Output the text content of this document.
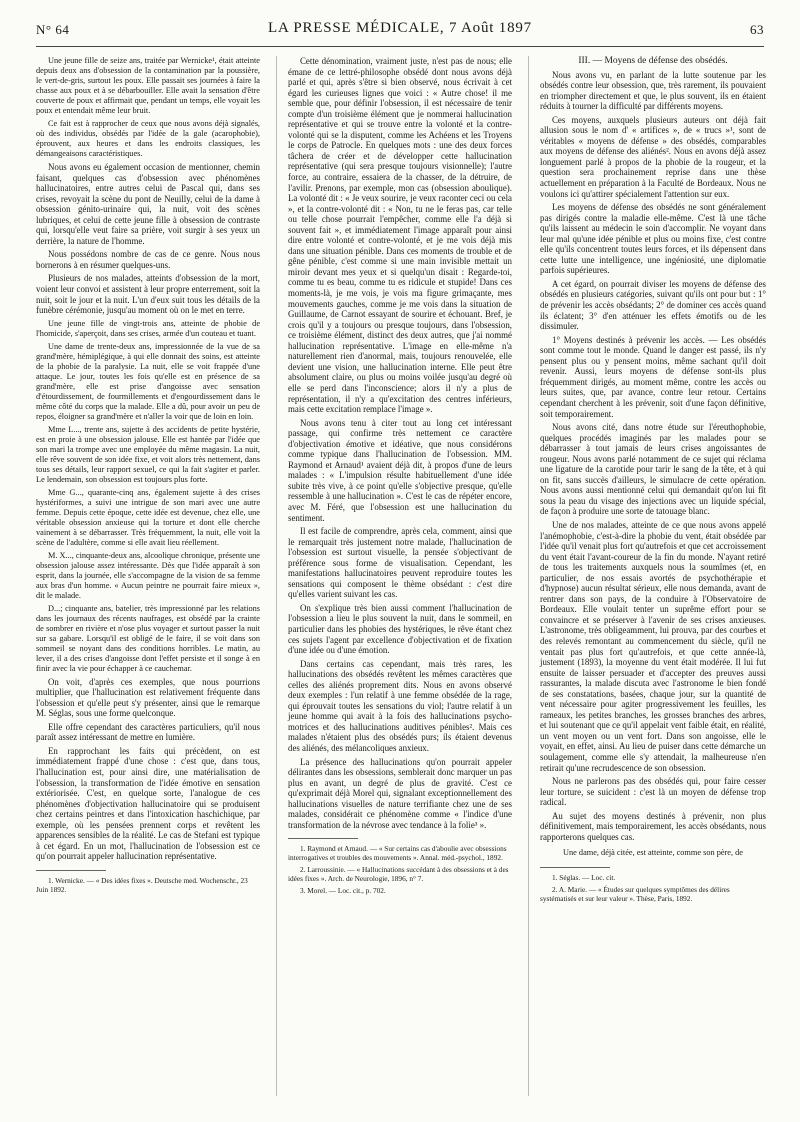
N° 64	LA PRESSE MÉDICALE, 7 Août 1897	63

Une jeune fille de seize ans, traitée par Wernicke¹, était atteinte depuis deux ans d'obsession de la contamination par la poussière, le vert-de-gris, surtout les poux. Elle passait ses journées à faire la chasse aux poux et à se débarbouiller. Elle avait la sensation d'être couverte de poux et affirmait que, pendant un temps, elle voyait les poux et entendait même leur bruit.

Ce fait est à rapprocher de ceux que nous avons déjà signalés, où des individus, obsédés par l'idée de la gale (acarophobie), éprouvent, aux heures et dans les endroits classiques, les démangeaisons caractéristiques.

Nous avons eu également occasion de mentionner, chemin faisant, quelques cas d'obsession avec phénomènes hallucinatoires, entre autres celui de Pascal qui, dans ses crises, revoyait la scène du pont de Neuilly, celui de la dame à obsession génito-urinaire qui, la nuit, voit des scènes lubriques, et celui de cette jeune fille à obsession de contraste qui, lorsqu'elle veut faire sa prière, voit surgir à ses yeux un derrière, la nature de l'homme.

Nous possédons nombre de cas de ce genre. Nous nous bornerons à en résumer quelques-uns.

Plusieurs de nos malades, atteints d'obsession de la mort, voient leur convoi et assistent à leur propre enterrement, soit la nuit, soit le jour et la nuit. L'un d'eux suit tous les détails de la funèbre cérémonie, jusqu'au moment où on le met en terre.

Une jeune fille de vingt-trois ans, atteinte de phobie de l'homicide, s'aperçoit, dans ses crises, armée d'un couteau et tuant.

Une dame de trente-deux ans, impressionnée de la vue de sa grand'mère, hémiplégique, à qui elle donnait des soins, est atteinte de la phobie de la paralysie. La nuit, elle se voit frappée d'une attaque. Le jour, toutes les fois qu'elle est en présence de sa grand'mère, elle est prise d'angoisse avec sensation d'étourdissement, de fourmillements et d'engourdissement dans le même côté du corps que la malade. Elle a dû, pour avoir un peu de repos, éloigner sa grand'mère et n'aller la voir que de loin en loin.

Mme L..., trente ans, sujette à des accidents de petite hystérie, est en proie à une obsession jalouse. Elle est hantée par l'idée que son mari la trompe avec une employée du même magasin. La nuit, elle rêve souvent de son idée fixe, et voit alors très nettement, dans tous ses détails, leur rapport sexuel, ce qui la fait s'agiter et parler. Le lendemain, son obsession est toujours plus forte.

Mme G..., quarante-cinq ans, également sujette à des crises hystériformes, a suivi une intrigue de son mari avec une autre femme. Depuis cette époque, cette idée est devenue, chez elle, une véritable obsession anxieuse qui la torture et dont elle cherche vainement à se débarrasser. Très fréquemment, la nuit, elle voit la scène de l'adultère, comme si elle avait lieu réellement.

M. X..., cinquante-deux ans, alcoolique chronique, présente une obsession jalouse assez intéressante. Dès que l'idée apparaît à son esprit, dans la journée, elle s'accompagne de la vision de sa femme aux bras d'un homme. « Aucun peintre ne pourrait faire mieux », dit le malade.

D...; cinquante ans, batelier, très impressionné par les relations dans les journaux des récents naufrages, est obsédé par la crainte de sombrer en rivière et n'ose plus voyager et surtout passer la nuit sur sa gabare. Lorsqu'il est obligé de le faire, il se voit dans son sommeil se noyant dans des conditions horribles. Le matin, au lever, il a des crises d'angoisse dont l'effet persiste et il songe à en finir avec la vie pour échapper à ce cauchemar.

On voit, d'après ces exemples, que nous pourrions multiplier, que l'hallucination est relativement fréquente dans l'obsession et qu'elle peut s'y présenter, ainsi que le remarque M. Séglas, sous une forme quelconque.

Elle offre cependant des caractères particuliers, qu'il nous paraît assez intéressant de mettre en lumière.

En rapprochant les faits qui précèdent, on est immédiatement frappé d'une chose : c'est que, dans tous, l'hallucination est, pour ainsi dire, une matérialisation de l'obsession, la transformation de l'idée émotive en sensation extériorisée. C'est, en quelque sorte, l'analogue de ces phénomènes d'objectivation hallucinatoire qui se produisent chez certains peintres et dans l'intoxication haschichique, par exemple, où les pensées prennent corps et revêtent les apparences sensibles de la réalité. Le cas de Stefani est typique à cet égard. En un mot, l'hallucination de l'obsession est ce qu'on pourrait appeler hallucination représentative.

1. Wernicke. — « Des idées fixes ». Deutsche med. Wochenschr., 23 Juin 1892.

Cette dénomination, vraiment juste, n'est pas de nous; elle émane de ce lettré-philosophe obsédé dont nous avons déjà parlé et qui, après s'être si bien observé, nous écrivait à cet égard les curieuses lignes que voici : « Autre chose! il me semble que, pour définir l'obsession, il est nécessaire de tenir compte d'un troisième élément que je nommerai hallucination représentative et qui se trouve entre la volonté et la contre-volonté qui se la disputent, comme les Achéens et les Troyens le corps de Patrocle. En quelques mots : une des deux forces tâchera de créer et de développer cette hallucination représentative (qui sera presque toujours visionnelle); l'autre force, au contraire, essaiera de la chasser, de la détruire, de l'avilir. Prenons, par exemple, mon cas (obsession aboulique). La volonté dit : « Je veux sourire, je veux raconter ceci ou cela », et la contre-volonté dit : « Non, tu ne le feras pas, car telle ou telle chose pourrait l'empêcher, comme elle l'a déjà si souvent fait », et immédiatement l'image apparaît pour ainsi dire entre volonté et contre-volonté, et je me vois déjà mis dans une situation pénible. Dans ces moments de trouble et de gêne pénible, c'est comme si une main invisible mettait un miroir devant mes yeux et si quelqu'un disait : Regarde-toi, comme tu es beau, comme tu es ridicule et stupide! Dans ces moments-là, je me vois, je vois ma figure grimaçante, mes mouvements gauches, comme je me vois dans la situation de Guillaume, de Carnot essayant de sourire et échouant. Bref, je crois qu'il y a toujours ou presque toujours, dans l'obsession, ce troisième élément, distinct des deux autres, que j'ai nommé hallucination représentative. L'image en elle-même n'a naturellement rien d'anormal, mais, toujours renouvelée, elle devient une vision, une hallucination interne. Elle peut être absolument claire, ou plus ou moins voilée jusqu'au degré où elle se perd dans l'inconscience; alors il n'y a plus de représentation, il n'y a qu'excitation des centres inférieurs, mais cette excitation remplace l'image ».

Nous avons tenu à citer tout au long cet intéressant passage, qui confirme très nettement ce caractère d'objectivation émotive et idéative, que nous considérons comme typique dans l'hallucination de l'obsession. MM. Raymond et Arnaud¹ avaient déjà dit, à propos d'une de leurs malades : « L'impulsion résulte habituellement d'une idée subite très vive, à ce point qu'elle s'objective presque, qu'elle ressemble à une hallucination ». C'est le cas de répéter encore, avec M. Féré, que l'obsession est une hallucination du sentiment.

Il est facile de comprendre, après cela, comment, ainsi que le remarquait très justement notre malade, l'hallucination de l'obsession est surtout visuelle, la pensée s'objectivant de préférence sous forme de visualisation. Cependant, les manifestations hallucinatoires peuvent reproduire toutes les sensations qui composent le thème obsédant : c'est dire qu'elles varient suivant les cas.

On s'explique très bien aussi comment l'hallucination de l'obsession a lieu le plus souvent la nuit, dans le sommeil, en particulier dans les phobies des hystériques, le rêve étant chez ces sujets l'agent par excellence d'objectivation et de fixation d'une idée ou d'une émotion.

Dans certains cas cependant, mais très rares, les hallucinations des obsédés revêtent les mêmes caractères que celles des aliénés proprement dits. Nous en avons observé deux exemples : l'un relatif à une femme obsédée de la rage, qui éprouvait toutes les sensations du viol; l'autre relatif à un jeune homme qui avait à la fois des hallucinations psycho-motrices et des hallucinations auditives pénibles². Mais ces malades n'étaient plus des obsédés purs; ils étaient devenus des aliénés, des mélancoliques anxieux.

La présence des hallucinations qu'on pourrait appeler délirantes dans les obsessions, semblerait donc marquer un pas plus en avant, un degré de plus de gravité. C'est ce qu'exprimait déjà Morel qui, signalant exceptionnellement des hallucinations visuelles de nature terrifiante chez une de ses malades, considérait ce phénomène comme « l'indice d'une transformation de la névrose avec tendance à la folie³ ».

1. Raymond et Arnaud. — « Sur certains cas d'aboulie avec obsessions interrogatives et troubles des mouvements ». Annal. méd.-psychol., 1892.

2. Larroussinie. — « Hallucinations succédant à des obsessions et à des idées fixes ». Arch. de Neurologie, 1896, n° 7.

3. Morel. — Loc. cit., p. 702.

III. — Moyens de défense des obsédés.

Nous avons vu, en parlant de la lutte soutenue par les obsédés contre leur obsession, que, très rarement, ils pouvaient en triompher directement et que, le plus souvent, ils en étaient réduits à tourner la difficulté par différents moyens.

Ces moyens, auxquels plusieurs auteurs ont déjà fait allusion sous le nom d' « artifices », de « trucs »¹, sont de véritables « moyens de défense » des obsédés, comparables aux moyens de défense des aliénés². Nous en avons déjà assez longuement parlé à propos de la phobie de la rougeur, et la question sera prochainement reprise dans une thèse actuellement en préparation à la Faculté de Bordeaux. Nous ne voulons ici qu'attirer spécialement l'attention sur eux.

Les moyens de défense des obsédés ne sont généralement pas dirigés contre la maladie elle-même. C'est là une tâche qu'ils laissent au médecin le soin d'accomplir. Ne voyant dans leur mal qu'une idée pénible et plus ou moins fixe, c'est contre elle qu'ils concentrent toutes leurs forces, et ils dépensent dans cette lutte une intelligence, une ingéniosité, une diplomatie parfois supérieures.

A cet égard, on pourrait diviser les moyens de défense des obsédés en plusieurs catégories, suivant qu'ils ont pour but : 1° de prévenir les accès obsédants; 2° de dominer ces accès quand ils éclatent; 3° d'en atténuer les effets émotifs ou de les dissimuler.

1° Moyens destinés à prévenir les accès. — Les obsédés sont comme tout le monde. Quand le danger est passé, ils n'y pensent plus ou y pensent moins, même sachant qu'il doit revenir. Aussi, leurs moyens de défense sont-ils plus fréquemment dirigés, au moment même, contre les accès ou leurs suites, que, par avance, contre leur retour. Certains cependant cherchent à les prévenir, soit d'une façon définitive, soit temporairement.

Nous avons cité, dans notre étude sur l'éreuthophobie, quelques procédés imaginés par les malades pour se débarrasser à tout jamais de leurs crises angoissantes de rougeur. Nous avons parlé notamment de ce sujet qui réclama une ligature de la carotide pour tarir le sang de la tête, et à qui on fit, sans succès d'ailleurs, le simulacre de cette opération. Nous avons aussi mentionné celui qui demandait qu'on lui fît sous la peau du visage des injections avec un liquide spécial, de façon à produire une sorte de tatouage blanc.

Une de nos malades, atteinte de ce que nous avons appelé l'anémophobie, c'est-à-dire la phobie du vent, était obsédée par l'idée qu'il venait plus fort qu'autrefois et que cet accroissement du vent était l'avant-coureur de la fin du monde. N'ayant retiré de tous les traitements auxquels nous la soumîmes (et, en particulier, de nos essais avortés de psychothérapie et d'hypnose) aucun résultat sérieux, elle nous demanda, avant de rentrer dans son pays, de la conduire à l'Observatoire de Bordeaux. Elle voulait tenter un suprême effort pour se convaincre et se préserver à l'avenir de ses crises anxieuses. L'astronome, très obligeamment, lui prouva, par des courbes et des relevés remontant au commencement du siècle, qu'il ne ventait pas plus fort qu'autrefois, et que cette année-là, justement (1893), la moyenne du vent était modérée. Il lui fut ensuite de laisser persuader et d'accepter des preuves aussi rassurantes, la malade discuta avec l'astronome le bien fondé de ses constatations, basées, chaque jour, sur la quantité de vent nécessaire pour agiter progressivement les feuilles, les rameaux, les petites branches, les grosses branches des arbres, et lui soutenant que ce qu'il appelait vent faible était, en réalité, un vent moyen ou un vent fort. Dans son angoisse, elle le voyait, en effet, ainsi. Au lieu de puiser dans cette démarche un soulagement, comme elle s'y attendait, la malheureuse n'en retirait qu'une recrudescence de son obsession.

Nous ne parlerons pas des obsédés qui, pour faire cesser leur torture, se suicident : c'est là un moyen de défense trop radical.

Au sujet des moyens destinés à prévenir, non plus définitivement, mais temporairement, les accès obsédants, nous rapporterons quelques cas.

Une dame, déjà citée, est atteinte, comme son père, de

1. Séglas. — Loc. cit.

2. A. Marie. — « Études sur quelques symptômes des délires systématisés et sur leur valeur ». Thèse, Paris, 1892.
